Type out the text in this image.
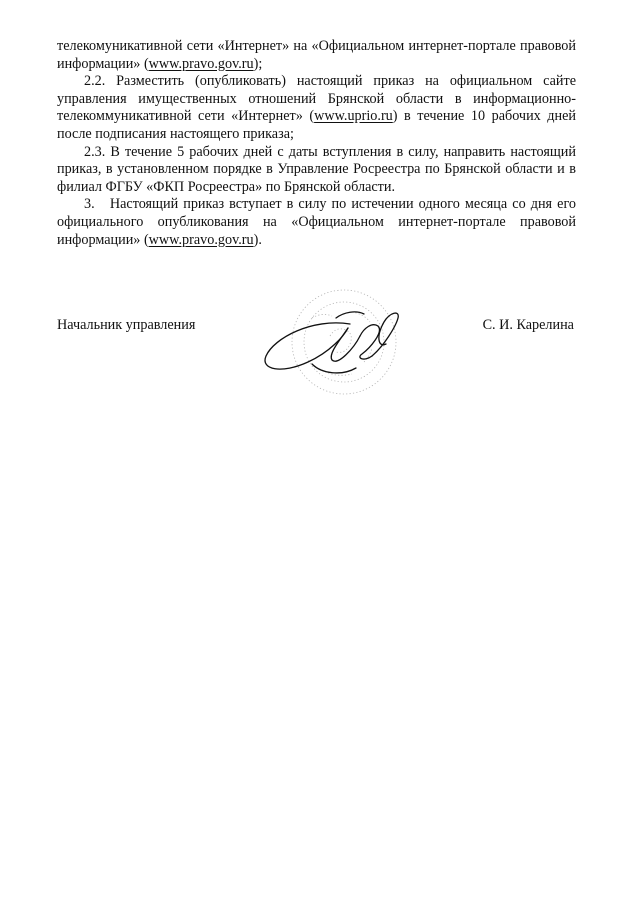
телекомуникативной сети «Интернет» на «Официальном интернет-портале правовой информации» (www.pravo.gov.ru);

2.2. Разместить (опубликовать) настоящий приказ на официальном сайте управления имущественных отношений Брянской области в информационно-телекоммуникативной сети «Интернет» (www.uprio.ru) в течение 10 рабочих дней после подписания настоящего приказа;

2.3. В течение 5 рабочих дней с даты вступления в силу, направить настоящий приказ, в установленном порядке в Управление Росреестра по Брянской области и в филиал ФГБУ «ФКП Росреестра» по Брянской области.

3.   Настоящий приказ вступает в силу по истечении одного месяца со дня его официального опубликования на «Официальном интернет-портале правовой информации» (www.pravo.gov.ru).

Начальник управления	С. И. Карелина
